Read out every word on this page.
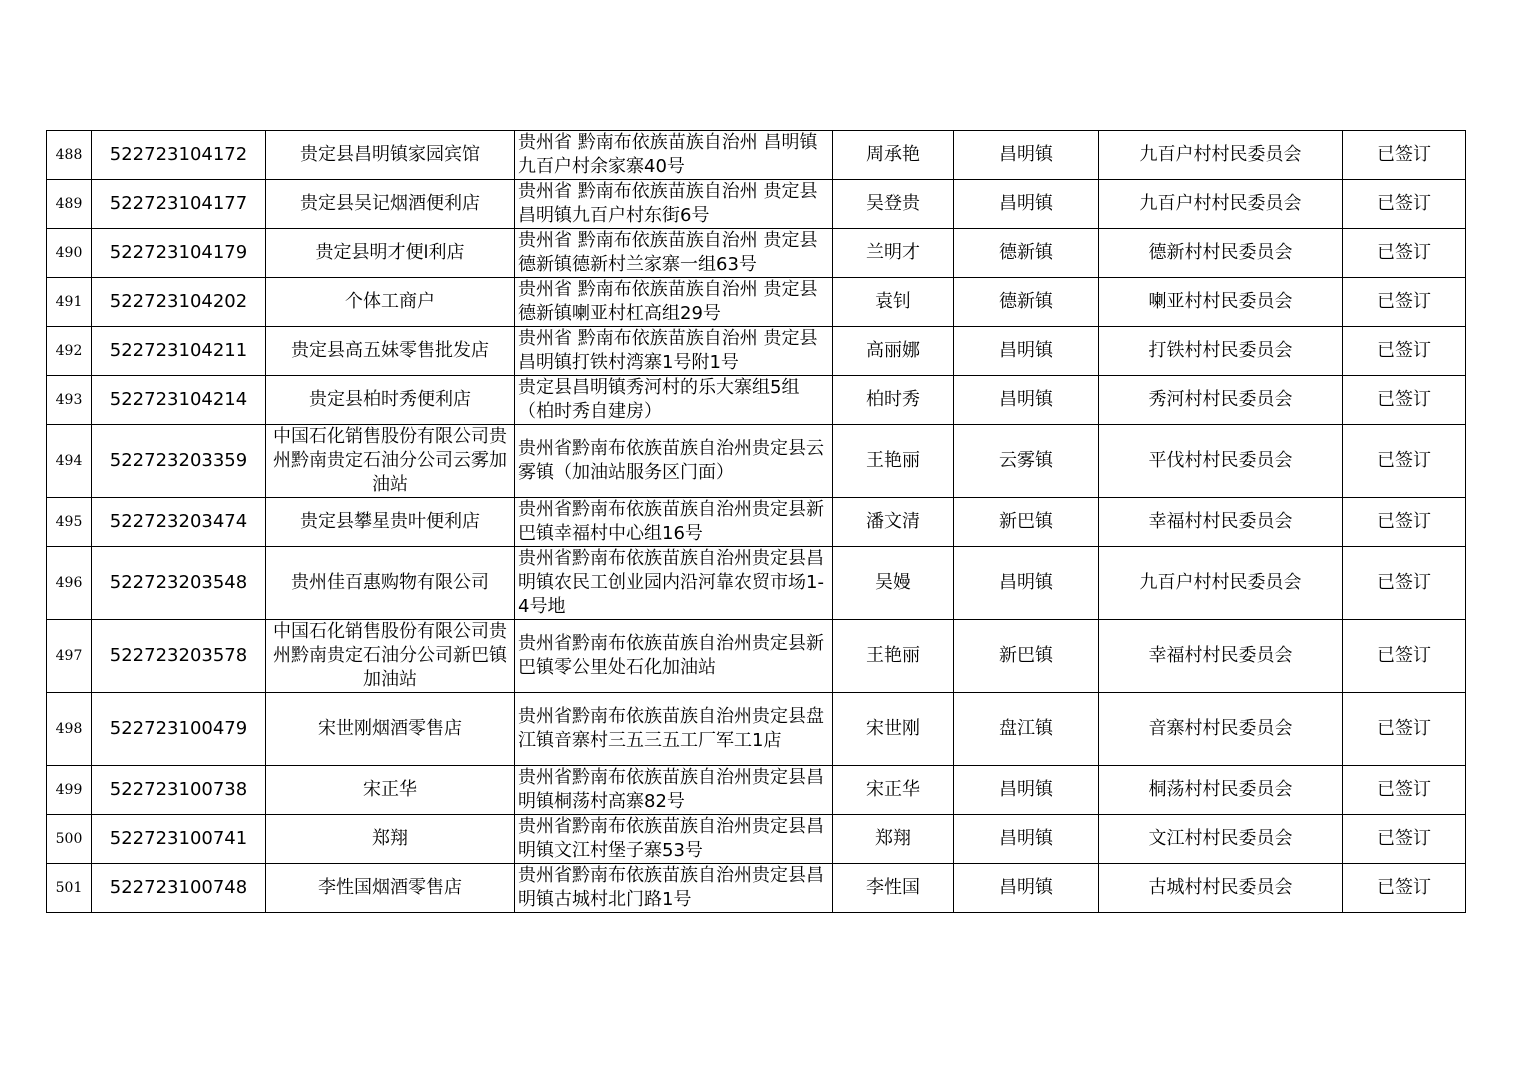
488	522723104172	贵定县昌明镇家园宾馆	贵州省 黔南布依族苗族自治州 昌明镇九百户村余家寨40号	周承艳	昌明镇	九百户村村民委员会	已签订
489	522723104177	贵定县吴记烟酒便利店	贵州省 黔南布依族苗族自治州 贵定县昌明镇九百户村东街6号	吴登贵	昌明镇	九百户村村民委员会	已签订
490	522723104179	贵定县明才便l利店	贵州省 黔南布依族苗族自治州 贵定县德新镇德新村兰家寨一组63号	兰明才	德新镇	德新村村民委员会	已签订
491	522723104202	个体工商户	贵州省 黔南布依族苗族自治州 贵定县德新镇喇亚村杠高组29号	袁钊	德新镇	喇亚村村民委员会	已签订
492	522723104211	贵定县高五妹零售批发店	贵州省 黔南布依族苗族自治州 贵定县昌明镇打铁村湾寨1号附1号	高丽娜	昌明镇	打铁村村民委员会	已签订
493	522723104214	贵定县柏时秀便利店	贵定县昌明镇秀河村的乐大寨组5组（柏时秀自建房）	柏时秀	昌明镇	秀河村村民委员会	已签订
494	522723203359	中国石化销售股份有限公司贵州黔南贵定石油分公司云雾加油站	贵州省黔南布依族苗族自治州贵定县云雾镇（加油站服务区门面）	王艳丽	云雾镇	平伐村村民委员会	已签订
495	522723203474	贵定县攀星贵叶便利店	贵州省黔南布依族苗族自治州贵定县新巴镇幸福村中心组16号	潘文清	新巴镇	幸福村村民委员会	已签订
496	522723203548	贵州佳百惠购物有限公司	贵州省黔南布依族苗族自治州贵定县昌明镇农民工创业园内沿河靠农贸市场1-4号地	吴嫚	昌明镇	九百户村村民委员会	已签订
497	522723203578	中国石化销售股份有限公司贵州黔南贵定石油分公司新巴镇加油站	贵州省黔南布依族苗族自治州贵定县新巴镇零公里处石化加油站	王艳丽	新巴镇	幸福村村民委员会	已签订
498	522723100479	宋世刚烟酒零售店	贵州省黔南布依族苗族自治州贵定县盘江镇音寨村三五三五工厂军工1店	宋世刚	盘江镇	音寨村村民委员会	已签订
499	522723100738	宋正华	贵州省黔南布依族苗族自治州贵定县昌明镇桐荡村高寨82号	宋正华	昌明镇	桐荡村村民委员会	已签订
500	522723100741	郑翔	贵州省黔南布依族苗族自治州贵定县昌明镇文江村堡子寨53号	郑翔	昌明镇	文江村村民委员会	已签订
501	522723100748	李性国烟酒零售店	贵州省黔南布依族苗族自治州贵定县昌明镇古城村北门路1号	李性国	昌明镇	古城村村民委员会	已签订
